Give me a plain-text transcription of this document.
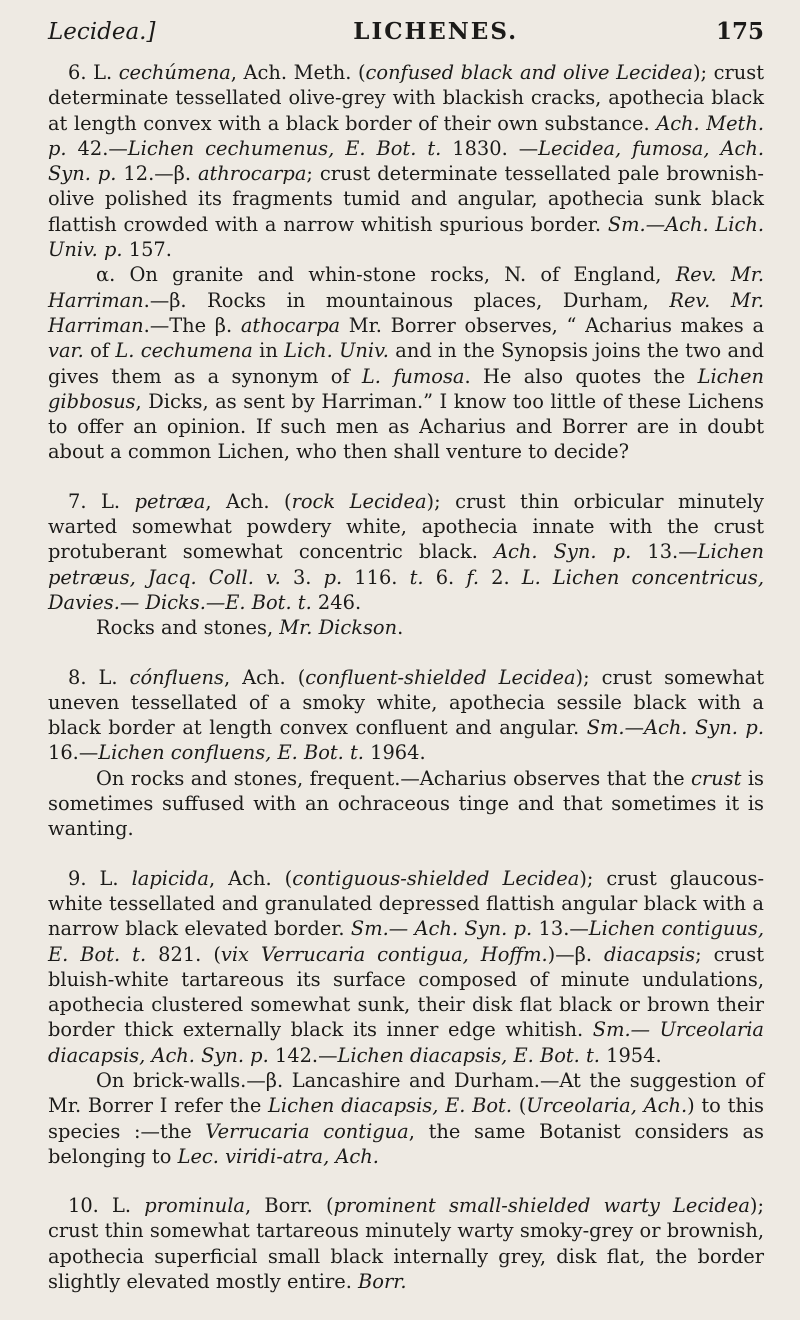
Lecidea.]	LICHENES.	175

6. L. cechúmena, Ach. Meth. (confused black and olive Lecidea); crust determinate tessellated olive-grey with blackish cracks, apothecia black at length convex with a black border of their own substance. Ach. Meth. p. 42.—Lichen cechumenus, E. Bot. t. 1830. —Lecidea, fumosa, Ach. Syn. p. 12.—β. athrocarpa; crust determinate tessellated pale brownish-olive polished its fragments tumid and angular, apothecia sunk black flattish crowded with a narrow whitish spurious border. Sm.—Ach. Lich. Univ. p. 157.

α. On granite and whin-stone rocks, N. of England, Rev. Mr. Harriman.—β. Rocks in mountainous places, Durham, Rev. Mr. Harriman.—The β. athocarpa Mr. Borrer observes, “ Acharius makes a var. of L. cechumena in Lich. Univ. and in the Synopsis joins the two and gives them as a synonym of L. fumosa. He also quotes the Lichen gibbosus, Dicks, as sent by Harriman.” I know too little of these Lichens to offer an opinion. If such men as Acharius and Borrer are in doubt about a common Lichen, who then shall venture to decide?

7. L. petræa, Ach. (rock Lecidea); crust thin orbicular minutely warted somewhat powdery white, apothecia innate with the crust protuberant somewhat concentric black. Ach. Syn. p. 13.—Lichen petræus, Jacq. Coll. v. 3. p. 116. t. 6. f. 2. L. Lichen concentricus, Davies.— Dicks.—E. Bot. t. 246.

Rocks and stones, Mr. Dickson.

8. L. cónfluens, Ach. (confluent-shielded Lecidea); crust somewhat uneven tessellated of a smoky white, apothecia sessile black with a black border at length convex confluent and angular. Sm.—Ach. Syn. p. 16.—Lichen confluens, E. Bot. t. 1964.

On rocks and stones, frequent.—Acharius observes that the crust is sometimes suffused with an ochraceous tinge and that sometimes it is wanting.

9. L. lapicida, Ach. (contiguous-shielded Lecidea); crust glaucous-white tessellated and granulated depressed flattish angular black with a narrow black elevated border. Sm.— Ach. Syn. p. 13.—Lichen contiguus, E. Bot. t. 821. (vix Verrucaria contigua, Hoffm.)—β. diacapsis; crust bluish-white tartareous its surface composed of minute undulations, apothecia clustered somewhat sunk, their disk flat black or brown their border thick externally black its inner edge whitish. Sm.— Urceolaria diacapsis, Ach. Syn. p. 142.—Lichen diacapsis, E. Bot. t. 1954.

On brick-walls.—β. Lancashire and Durham.—At the suggestion of Mr. Borrer I refer the Lichen diacapsis, E. Bot. (Urceolaria, Ach.) to this species :—the Verrucaria contigua, the same Botanist considers as belonging to Lec. viridi-atra, Ach.

10. L. prominula, Borr. (prominent small-shielded warty Lecidea); crust thin somewhat tartareous minutely warty smoky-grey or brownish, apothecia superficial small black internally grey, disk flat, the border slightly elevated mostly entire. Borr.
